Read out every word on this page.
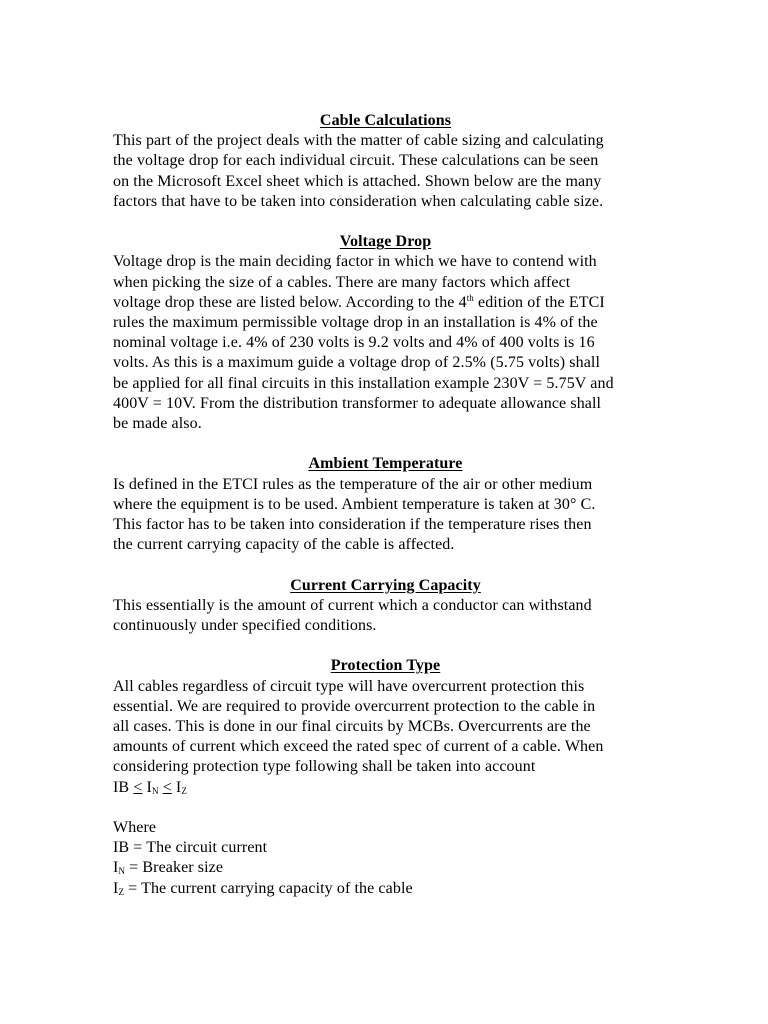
Cable Calculations

This part of the project deals with the matter of cable sizing and calculating
the voltage drop for each individual circuit. These calculations can be seen
on the Microsoft Excel sheet which is attached. Shown below are the many
factors that have to be taken into consideration when calculating cable size.

Voltage Drop

Voltage drop is the main deciding factor in which we have to contend with
when picking the size of a cables. There are many factors which affect
voltage drop these are listed below. According to the 4th edition of the ETCI
rules the maximum permissible voltage drop in an installation is 4% of the
nominal voltage i.e. 4% of 230 volts is 9.2 volts and 4% of 400 volts is 16
volts. As this is a maximum guide a voltage drop of 2.5% (5.75 volts) shall
be applied for all final circuits in this installation example 230V = 5.75V and
400V = 10V. From the distribution transformer to adequate allowance shall
be made also.

Ambient Temperature

Is defined in the ETCI rules as the temperature of the air or other medium
where the equipment is to be used. Ambient temperature is taken at 30° C.
This factor has to be taken into consideration if the temperature rises then
the current carrying capacity of the cable is affected.

Current Carrying Capacity

This essentially is the amount of current which a conductor can withstand
continuously under specified conditions.

Protection Type

All cables regardless of circuit type will have overcurrent protection this
essential. We are required to provide overcurrent protection to the cable in
all cases. This is done in our final circuits by MCBs. Overcurrents are the
amounts of current which exceed the rated spec of current of a cable. When
considering protection type following shall be taken into account
IB < $I_N < I_Z$

Where
IB = The circuit current
$I_N$ = Breaker size
$I_Z$ = The current carrying capacity of the cable
